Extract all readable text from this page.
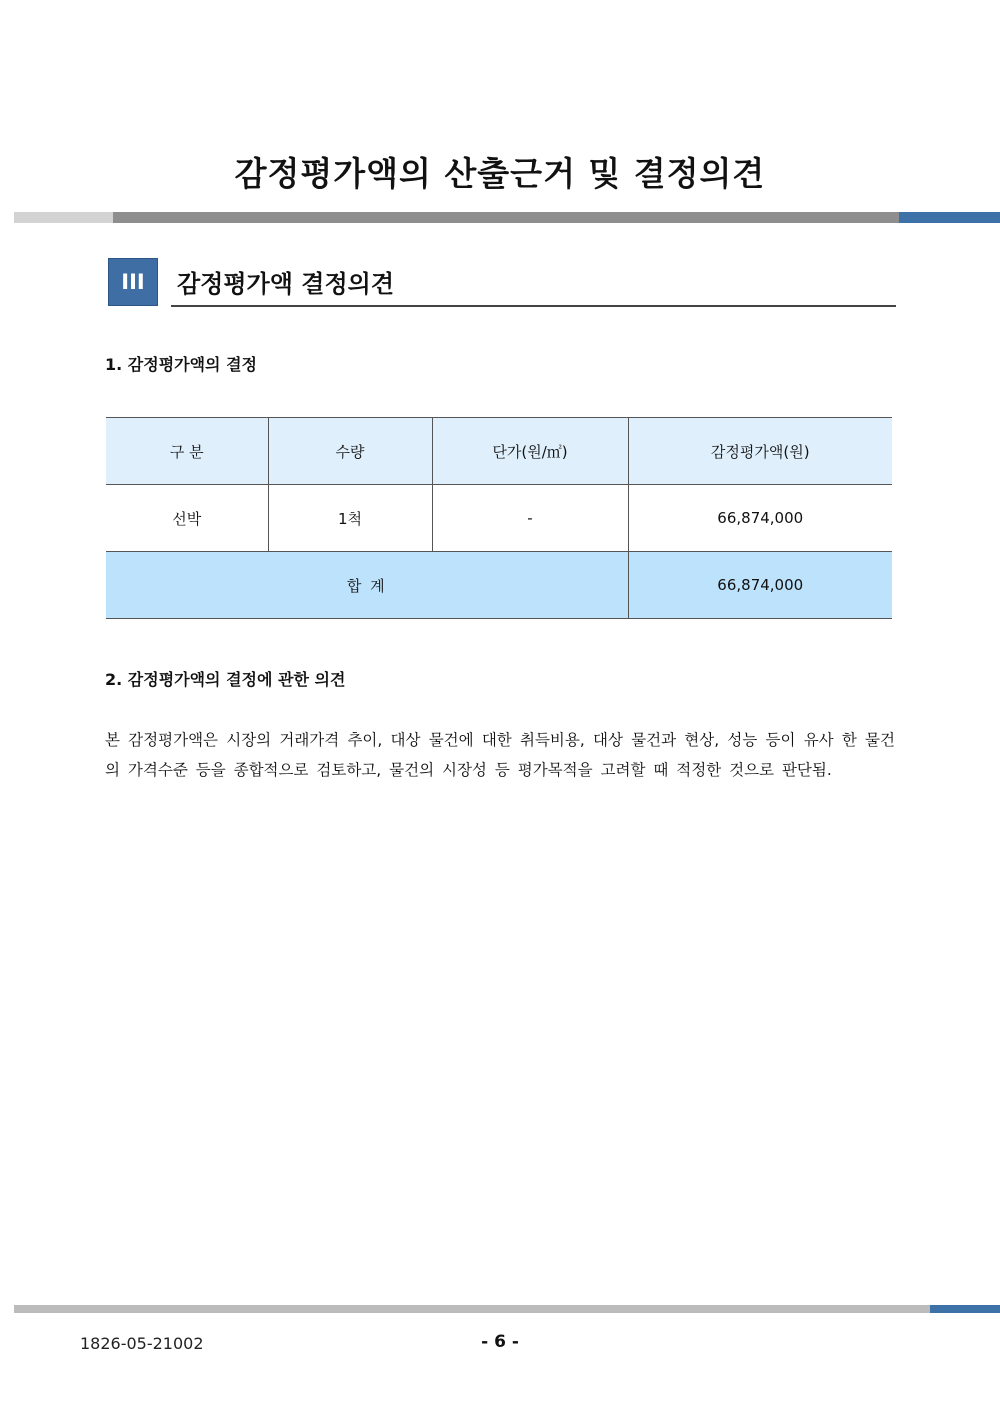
감정평가액의 산출근거 및 결정의견
III	감정평가액 결정의견
1. 감정평가액의 결정
구 분	수량	단가(원/㎡)	감정평가액(원)
선박	1척	-	66,874,000
합 계			66,874,000
2. 감정평가액의 결정에 관한 의견
본 감정평가액은 시장의 거래가격 추이, 대상 물건에 대한 취득비용, 대상 물건과 현상, 성능 등이 유사 한 물건의 가격수준 등을 종합적으로 검토하고, 물건의 시장성 등 평가목적을 고려할 때 적정한 것으로 판단됨.
1826-05-21002	- 6 -
